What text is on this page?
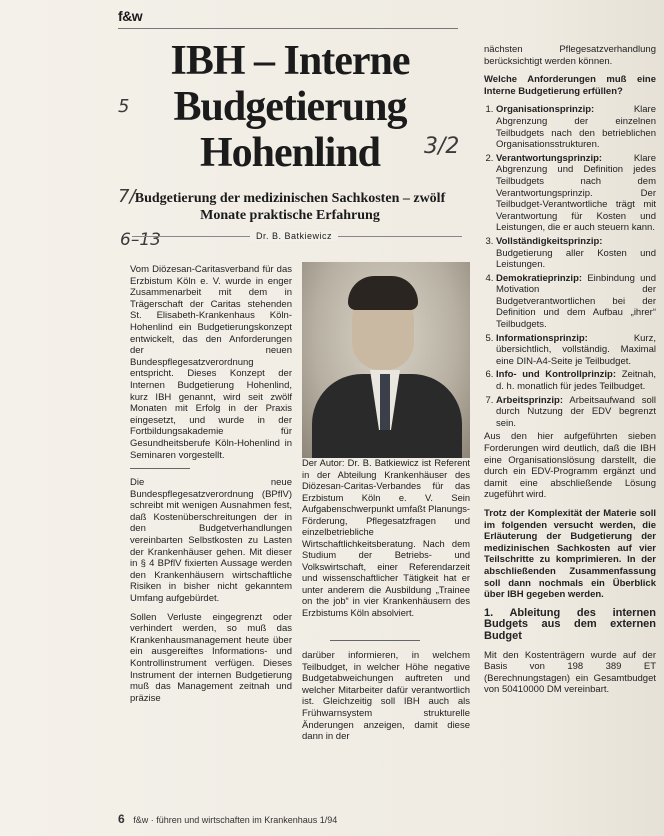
f&w
IBH – Interne
Budgetierung
Hohenlind
5
3/2
7/
6–13
Budgetierung der medizinischen Sachkosten – zwölf Monate praktische Erfahrung
Dr. B. Batkiewicz

Vom Diözesan-Caritasverband für das Erzbistum Köln e. V. wurde in enger Zusammenarbeit mit dem in Trägerschaft der Caritas stehenden St. Elisabeth-Krankenhaus Köln-Hohenlind ein Budgetierungskonzept entwickelt, das den Anforderungen der neuen Bundespflegesatzverordnung entspricht. Dieses Konzept der Internen Budgetierung Hohenlind, kurz IBH genannt, wird seit zwölf Monaten mit Erfolg in der Praxis eingesetzt, und wurde in der Fortbildungsakademie für Gesundheitsberufe Köln-Hohenlind in Seminaren vorgestellt.

Die neue Bundespflegesatzverordnung (BPflV) schreibt mit wenigen Ausnahmen fest, daß Kostenüberschreitungen der in den Budgetverhandlungen vereinbarten Selbstkosten zu Lasten der Krankenhäuser gehen. Mit dieser in § 4 BPflV fixierten Aussage werden den Krankenhäusern wirtschaftliche Risiken in bisher nicht gekanntem Umfang aufgebürdet.

Sollen Verluste eingegrenzt oder verhindert werden, so muß das Krankenhausmanagement heute über ein ausgereiftes Informations- und Kontrollinstrument verfügen. Dieses Instrument der internen Budgetierung muß das Management zeitnah und präzise

Der Autor: Dr. B. Batkiewicz ist Referent in der Abteilung Krankenhäuser des Diözesan-Caritas-Verbandes für das Erzbistum Köln e. V. Sein Aufgabenschwerpunkt umfaßt Planungs-Förderung, Pflegesatzfragen und einzelbetriebliche Wirtschaftlichkeitsberatung. Nach dem Studium der Betriebs- und Volkswirtschaft, einer Referendarzeit und wissenschaftlicher Tätigkeit hat er unter anderem die Ausbildung „Trainee on the job“ in vier Krankenhäusern des Erzbistums Köln absolviert.
darüber informieren, in welchem Teilbudget, in welcher Höhe negative Budgetabweichungen auftreten und welcher Mitarbeiter dafür verantwortlich ist. Gleichzeitig soll IBH auch als Frühwarnsystem strukturelle Änderungen anzeigen, damit diese dann in der

nächsten Pflegesatzverhandlung berücksichtigt werden können.

Welche Anforderungen muß eine Interne Budgetierung erfüllen?

1. Organisationsprinzip:	Klare Abgrenzung der einzelnen Teilbudgets nach den betrieblichen Organisationsstrukturen.
2. Verantwortungsprinzip:	Klare Abgrenzung und Definition jedes Teilbudgets nach dem Verantwortungsprinzip. Der Teilbudget-Verantwortliche trägt mit Verantwortung für Kosten und Leistungen, die er auch steuern kann.
3. Vollständigkeitsprinzip: Budgetierung aller Kosten und Leistungen.
4. Demokratieprinzip: Einbindung und Motivation der Budgetverantwortlichen bei der Definition und dem Aufbau „ihrer“ Teilbudgets.
5. Informationsprinzip:	Kurz, übersichtlich, vollständig. Maximal eine DIN-A4-Seite je Teilbudget.
6. Info- und Kontrollprinzip: Zeitnah, d. h. monatlich für jedes Teilbudget.
7. Arbeitsprinzip: Arbeitsaufwand soll durch Nutzung der EDV begrenzt sein.

Aus den hier aufgeführten sieben Forderungen wird deutlich, daß die IBH eine Organisationslösung darstellt, die durch ein EDV-Programm ergänzt und damit eine abschließende Lösung zugeführt wird.

Trotz der Komplexität der Materie soll im folgenden versucht werden, die Erläuterung der Budgetierung der medizinischen Sachkosten auf vier Teilschritte zu komprimieren. In der abschließenden Zusammenfassung soll dann nochmals ein Überblick über IBH gegeben werden.

1. Ableitung des internen Budgets aus dem externen Budget

Mit den Kostenträgern wurde auf der Basis von 198 389 ET (Berechnungstagen) ein Gesamtbudget von 50410000 DM vereinbart.

6 f&w · führen und wirtschaften im Krankenhaus 1/94
